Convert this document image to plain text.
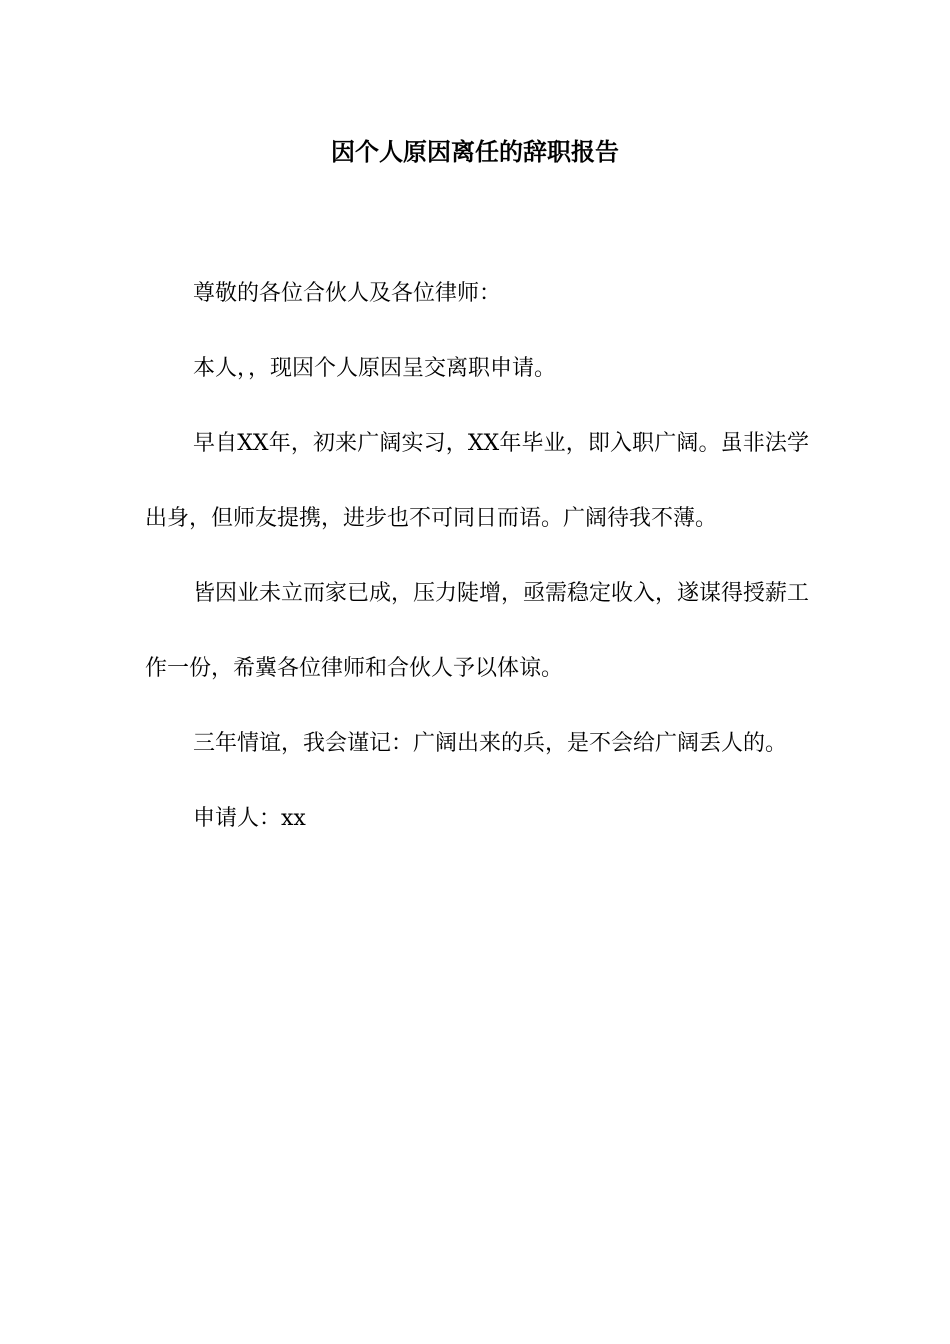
因个人原因离任的辞职报告

尊敬的各位合伙人及各位律师：

本人，，现因个人原因呈交离职申请。

早自XX年，初来广阔实习，XX年毕业，即入职广阔。虽非法学出身，但师友提携，进步也不可同日而语。广阔待我不薄。

皆因业未立而家已成，压力陡增，亟需稳定收入，遂谋得授薪工作一份，希冀各位律师和合伙人予以体谅。

三年情谊，我会谨记：广阔出来的兵，是不会给广阔丢人的。

申请人：xx
